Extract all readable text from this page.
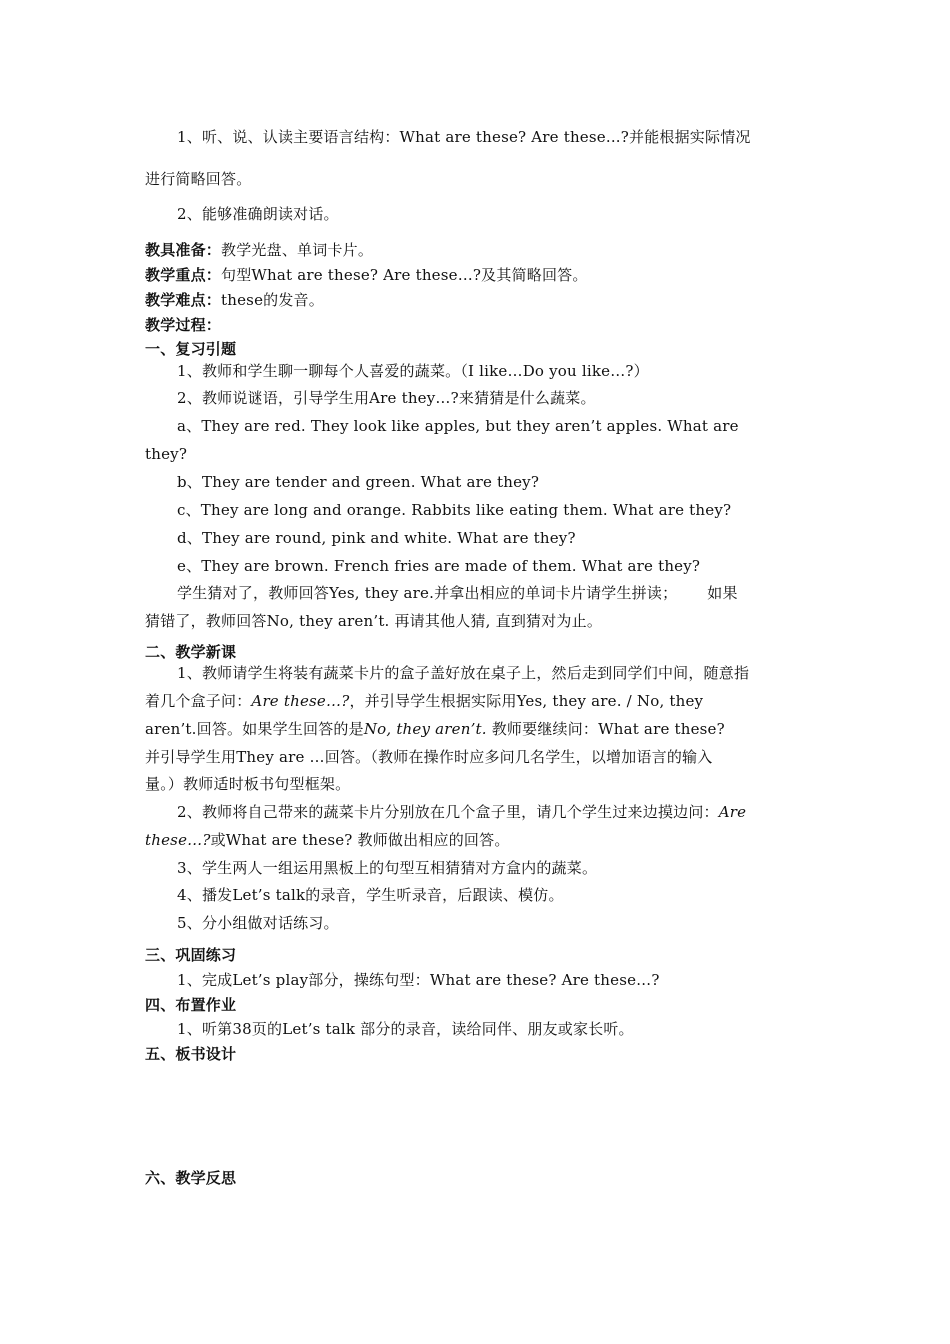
1、听、说、认读主要语言结构：What are these? Are these...?并能根据实际情况
进行简略回答。
2、能够准确朗读对话。
教具准备：教学光盘、单词卡片。
教学重点：句型What are these? Are these…?及其简略回答。
教学难点：these的发音。
教学过程：
一、复习引题
1、教师和学生聊一聊每个人喜爱的蔬菜。（I like…Do you like…?）
2、教师说谜语，引导学生用Are they…?来猜猜是什么蔬菜。
a、They are red. They look like apples, but they aren’t apples. What are
they?
b、They are tender and green. What are they?
c、They are long and orange. Rabbits like eating them. What are they?
d、They are round, pink and white. What are they?
e、They are brown. French fries are made of them. What are they?
学生猜对了，教师回答Yes, they are.并拿出相应的单词卡片请学生拼读； 如果
猜错了，教师回答No, they aren’t. 再请其他人猜, 直到猜对为止。
二、教学新课
1、教师请学生将装有蔬菜卡片的盒子盖好放在桌子上，然后走到同学们中间，随意指
着几个盒子问：Are these…?，并引导学生根据实际用Yes, they are. / No, they
aren’t.回答。如果学生回答的是No, they aren’t. 教师要继续问：What are these?
并引导学生用They are …回答。（教师在操作时应多问几名学生，以增加语言的输入
量。）教师适时板书句型框架。
2、教师将自己带来的蔬菜卡片分别放在几个盒子里，请几个学生过来边摸边问：Are
these…?或What are these? 教师做出相应的回答。
3、学生两人一组运用黑板上的句型互相猜猜对方盒内的蔬菜。
4、播发Let’s talk的录音，学生听录音，后跟读、模仿。
5、分小组做对话练习。
三、巩固练习
1、完成Let’s play部分，操练句型：What are these? Are these…?
四、布置作业
1、听第38页的Let’s talk 部分的录音，读给同伴、朋友或家长听。
五、板书设计
六、教学反思
